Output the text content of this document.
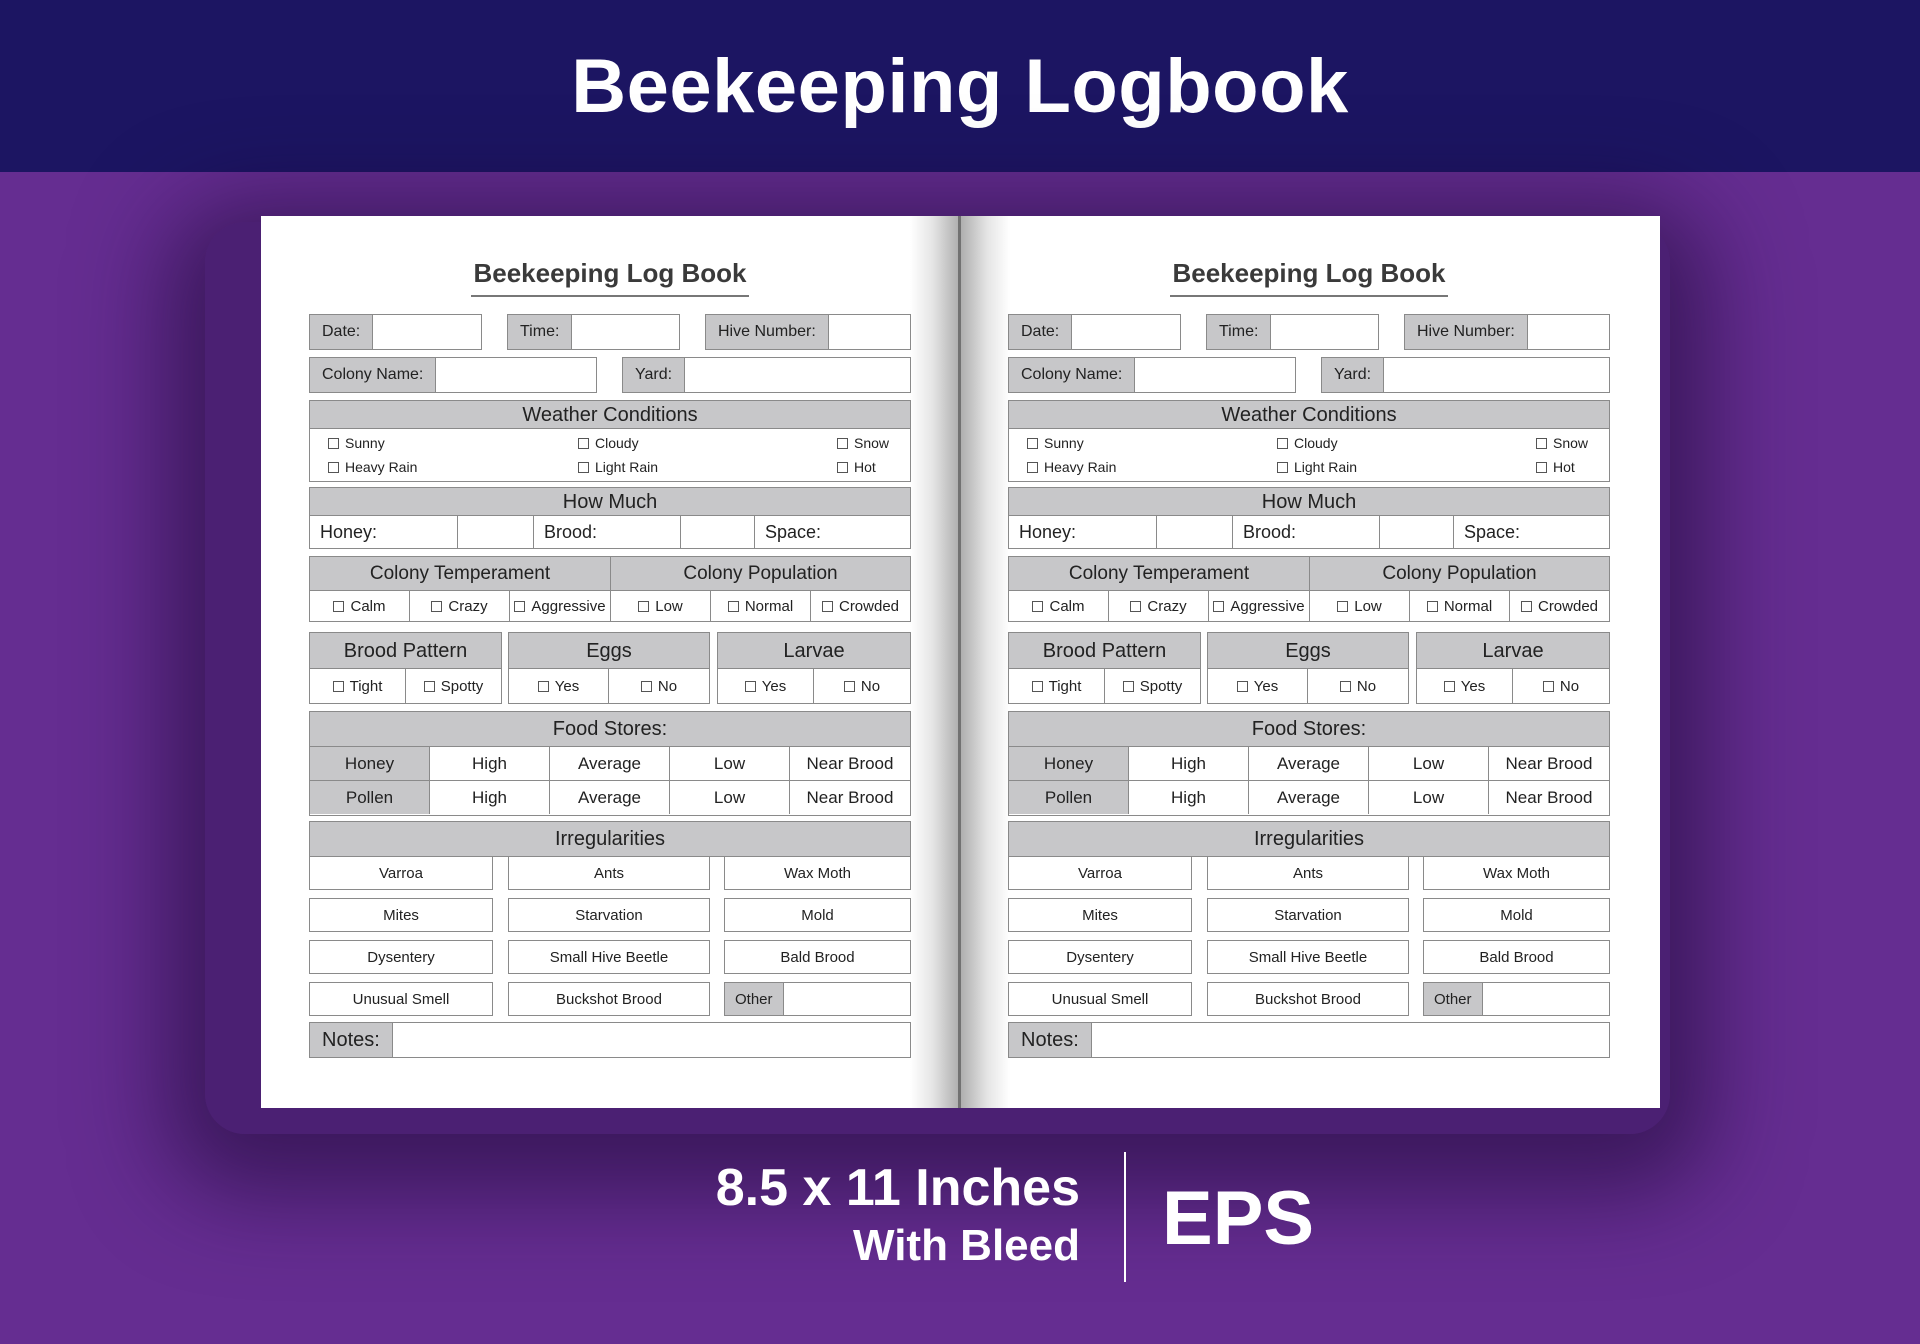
Beekeeping Logbook
Beekeeping Log Book
Date:	Time:	Hive Number:
Colony Name:	Yard:
Weather Conditions
Sunny	Cloudy	Snow
Heavy Rain	Light Rain	Hot
How Much
Honey:	Brood:	Space:
Colony Temperament	Colony Population
Calm	Crazy	Aggressive	Low	Normal	Crowded
Brood Pattern
Tight	Spotty
Eggs
Yes	No
Larvae
Yes	No
Food Stores:
Honey	High	Average	Low	Near Brood
Pollen	High	Average	Low	Near Brood
Irregularities
Varroa	Ants	Wax Moth
Mites	Starvation	Mold
Dysentery	Small Hive Beetle	Bald Brood
Unusual Smell	Buckshot Brood	Other
Notes:
Beekeeping Log Book
Date:	Time:	Hive Number:
Colony Name:	Yard:
Weather Conditions
Sunny	Cloudy	Snow
Heavy Rain	Light Rain	Hot
How Much
Honey:	Brood:	Space:
Colony Temperament	Colony Population
Calm	Crazy	Aggressive	Low	Normal	Crowded
Brood Pattern
Tight	Spotty
Eggs
Yes	No
Larvae
Yes	No
Food Stores:
Honey	High	Average	Low	Near Brood
Pollen	High	Average	Low	Near Brood
Irregularities
Varroa	Ants	Wax Moth
Mites	Starvation	Mold
Dysentery	Small Hive Beetle	Bald Brood
Unusual Smell	Buckshot Brood	Other
Notes:
8.5 x 11 Inches
With Bleed EPS
